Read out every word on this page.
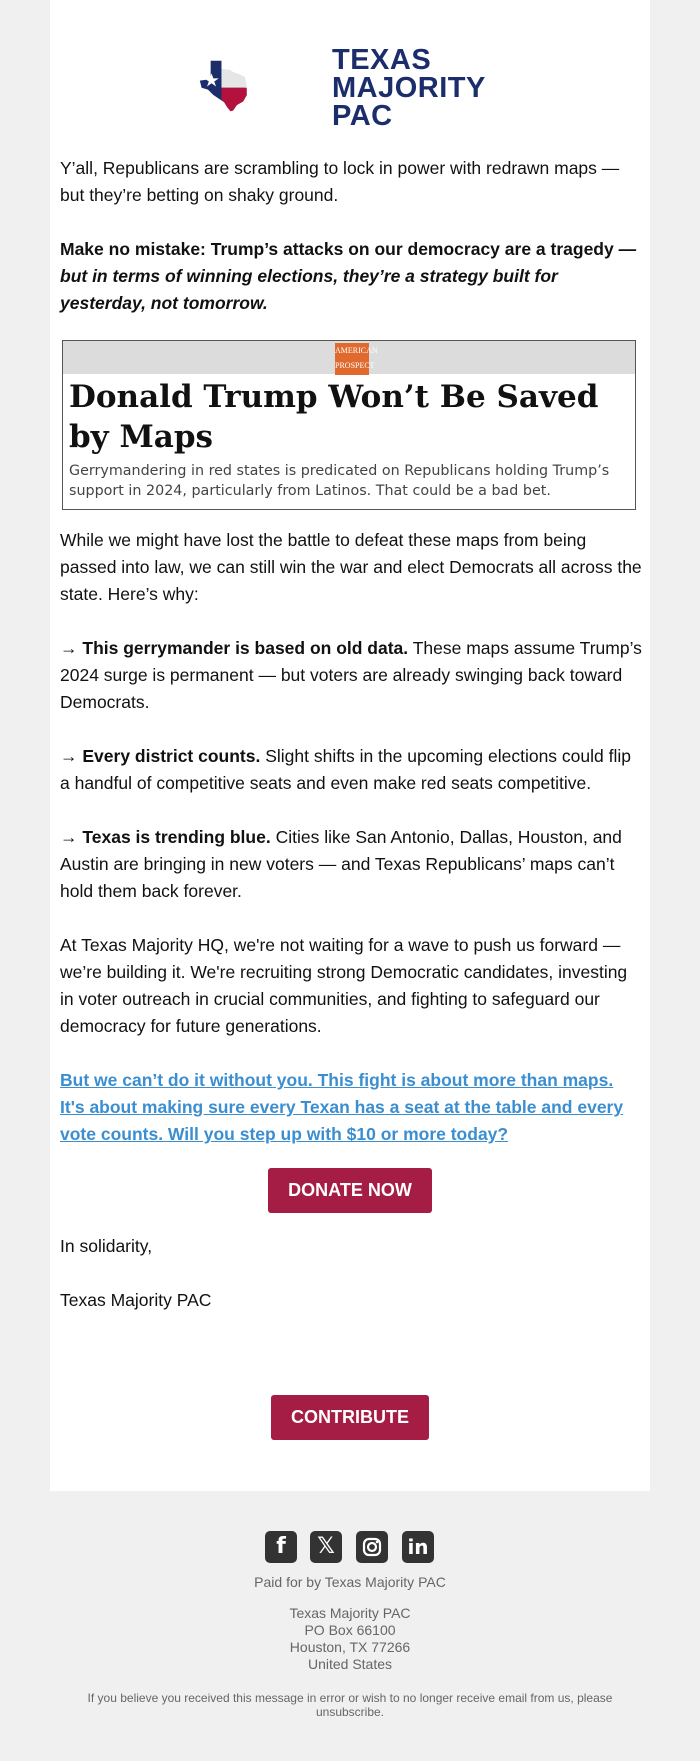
TEXAS
MAJORITY
PAC

Y’all, Republicans are scrambling to lock in power with redrawn maps — but they’re betting on shaky ground.

Make no mistake: Trump’s attacks on our democracy are a tragedy — but in terms of winning elections, they’re a strategy built for yesterday, not tomorrow.

AMERICAN PROSPECT
Donald Trump Won’t Be Saved by Maps
Gerrymandering in red states is predicated on Republicans holding Trump’s support in 2024, particularly from Latinos. That could be a bad bet.

While we might have lost the battle to defeat these maps from being passed into law, we can still win the war and elect Democrats all across the state. Here’s why:

→ This gerrymander is based on old data. These maps assume Trump’s 2024 surge is permanent — but voters are already swinging back toward Democrats.

→ Every district counts. Slight shifts in the upcoming elections could flip a handful of competitive seats and even make red seats competitive.

→ Texas is trending blue. Cities like San Antonio, Dallas, Houston, and Austin are bringing in new voters — and Texas Republicans’ maps can’t hold them back forever.

At Texas Majority HQ, we're not waiting for a wave to push us forward — we’re building it. We're recruiting strong Democratic candidates, investing in voter outreach in crucial communities, and fighting to safeguard our democracy for future generations.

But we can’t do it without you. This fight is about more than maps. It's about making sure every Texan has a seat at the table and every vote counts. Will you step up with $10 or more today?

DONATE NOW

In solidarity,

Texas Majority PAC

CONTRIBUTE
f	𝕏	in
Paid for by Texas Majority PAC
Texas Majority PAC
PO Box 66100
Houston, TX 77266
United States
If you believe you received this message in error or wish to no longer receive email from us, please unsubscribe.
